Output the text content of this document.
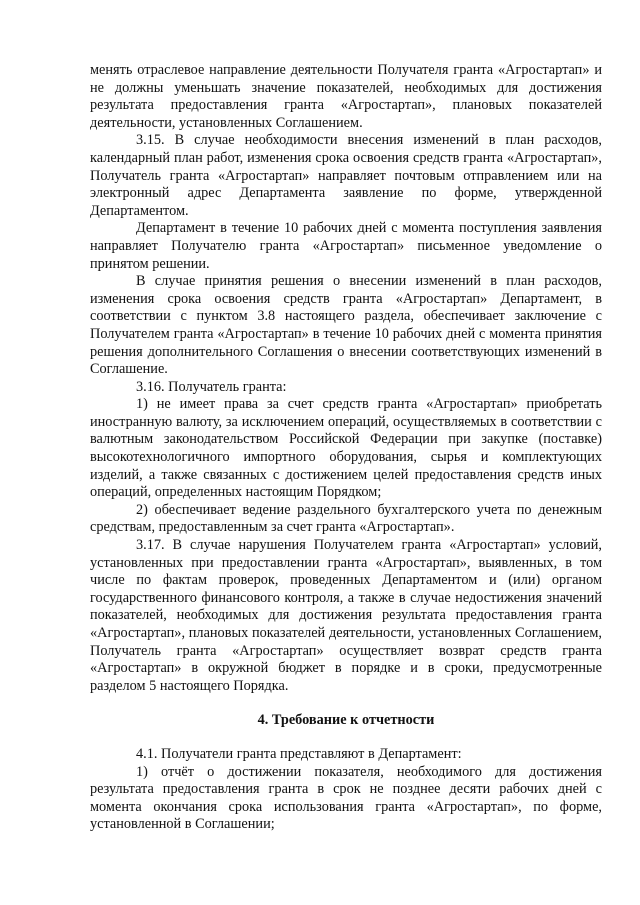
менять отраслевое направление деятельности Получателя гранта «Агростартап» и не должны уменьшать значение показателей, необходимых для достижения результата предоставления гранта «Агростартап», плановых показателей деятельности, установленных Соглашением.

3.15. В случае необходимости внесения изменений в план расходов, календарный план работ, изменения срока освоения средств гранта «Агростартап», Получатель гранта «Агростартап» направляет почтовым отправлением или на электронный адрес Департамента заявление по форме, утвержденной Департаментом.

Департамент в течение 10 рабочих дней с момента поступления заявления направляет Получателю гранта «Агростартап» письменное уведомление о принятом решении.

В случае принятия решения о внесении изменений в план расходов, изменения срока освоения средств гранта «Агростартап» Департамент, в соответствии с пунктом 3.8 настоящего раздела, обеспечивает заключение с Получателем гранта «Агростартап» в течение 10 рабочих дней с момента принятия решения дополнительного Соглашения о внесении соответствующих изменений в Соглашение.

3.16. Получатель гранта:

1) не имеет права за счет средств гранта «Агростартап» приобретать иностранную валюту, за исключением операций, осуществляемых в соответствии с валютным законодательством Российской Федерации при закупке (поставке) высокотехнологичного импортного оборудования, сырья и комплектующих изделий, а также связанных с достижением целей предоставления средств иных операций, определенных настоящим Порядком;

2) обеспечивает ведение раздельного бухгалтерского учета по денежным средствам, предоставленным за счет гранта «Агростартап».

3.17. В случае нарушения Получателем гранта «Агростартап» условий, установленных при предоставлении гранта «Агростартап», выявленных, в том числе по фактам проверок, проведенных Департаментом и (или) органом государственного финансового контроля, а также в случае недостижения значений показателей, необходимых для достижения результата предоставления гранта «Агростартап», плановых показателей деятельности, установленных Соглашением, Получатель гранта «Агростартап» осуществляет возврат средств гранта «Агростартап» в окружной бюджет в порядке и в сроки, предусмотренные разделом 5 настоящего Порядка.

4. Требование к отчетности

4.1. Получатели гранта представляют в Департамент:

1) отчёт о достижении показателя, необходимого для достижения результата предоставления гранта в срок не позднее десяти рабочих дней с момента окончания срока использования гранта «Агростартап», по форме, установленной в Соглашении;
